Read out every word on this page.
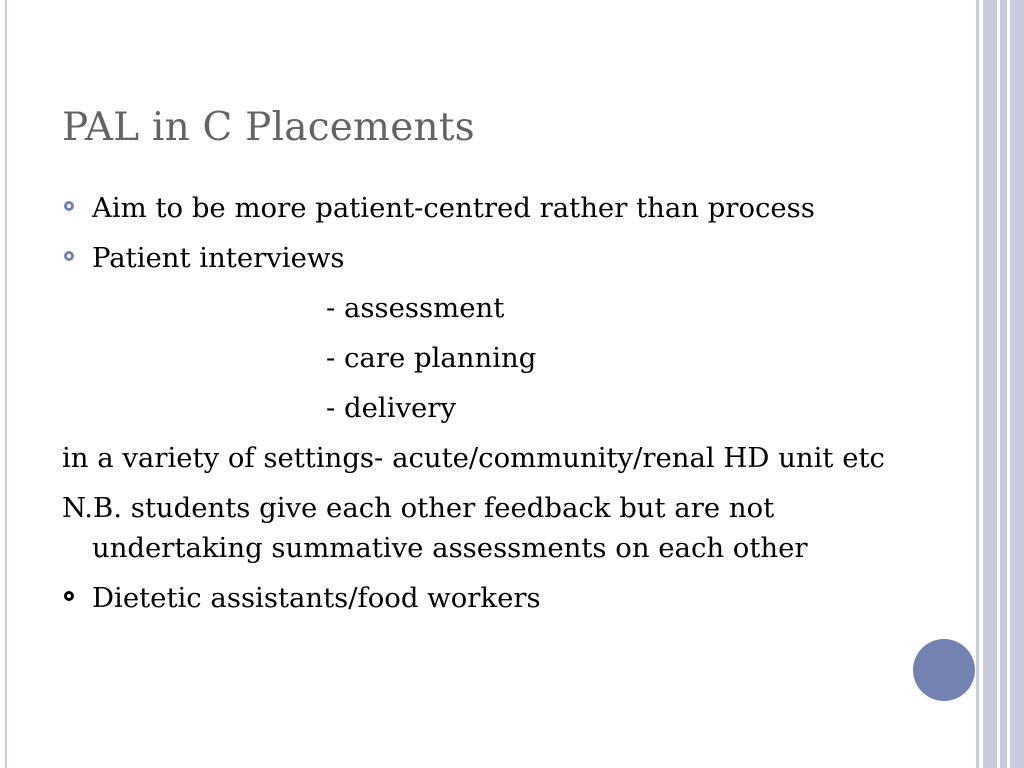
PAL in C Placements
Aim to be more patient-centred rather than process
Patient interviews
- assessment
- care planning
- delivery
in a variety of settings- acute/community/renal HD unit etc
N.B. students give each other feedback but are not undertaking summative assessments on each other
Dietetic assistants/food workers
